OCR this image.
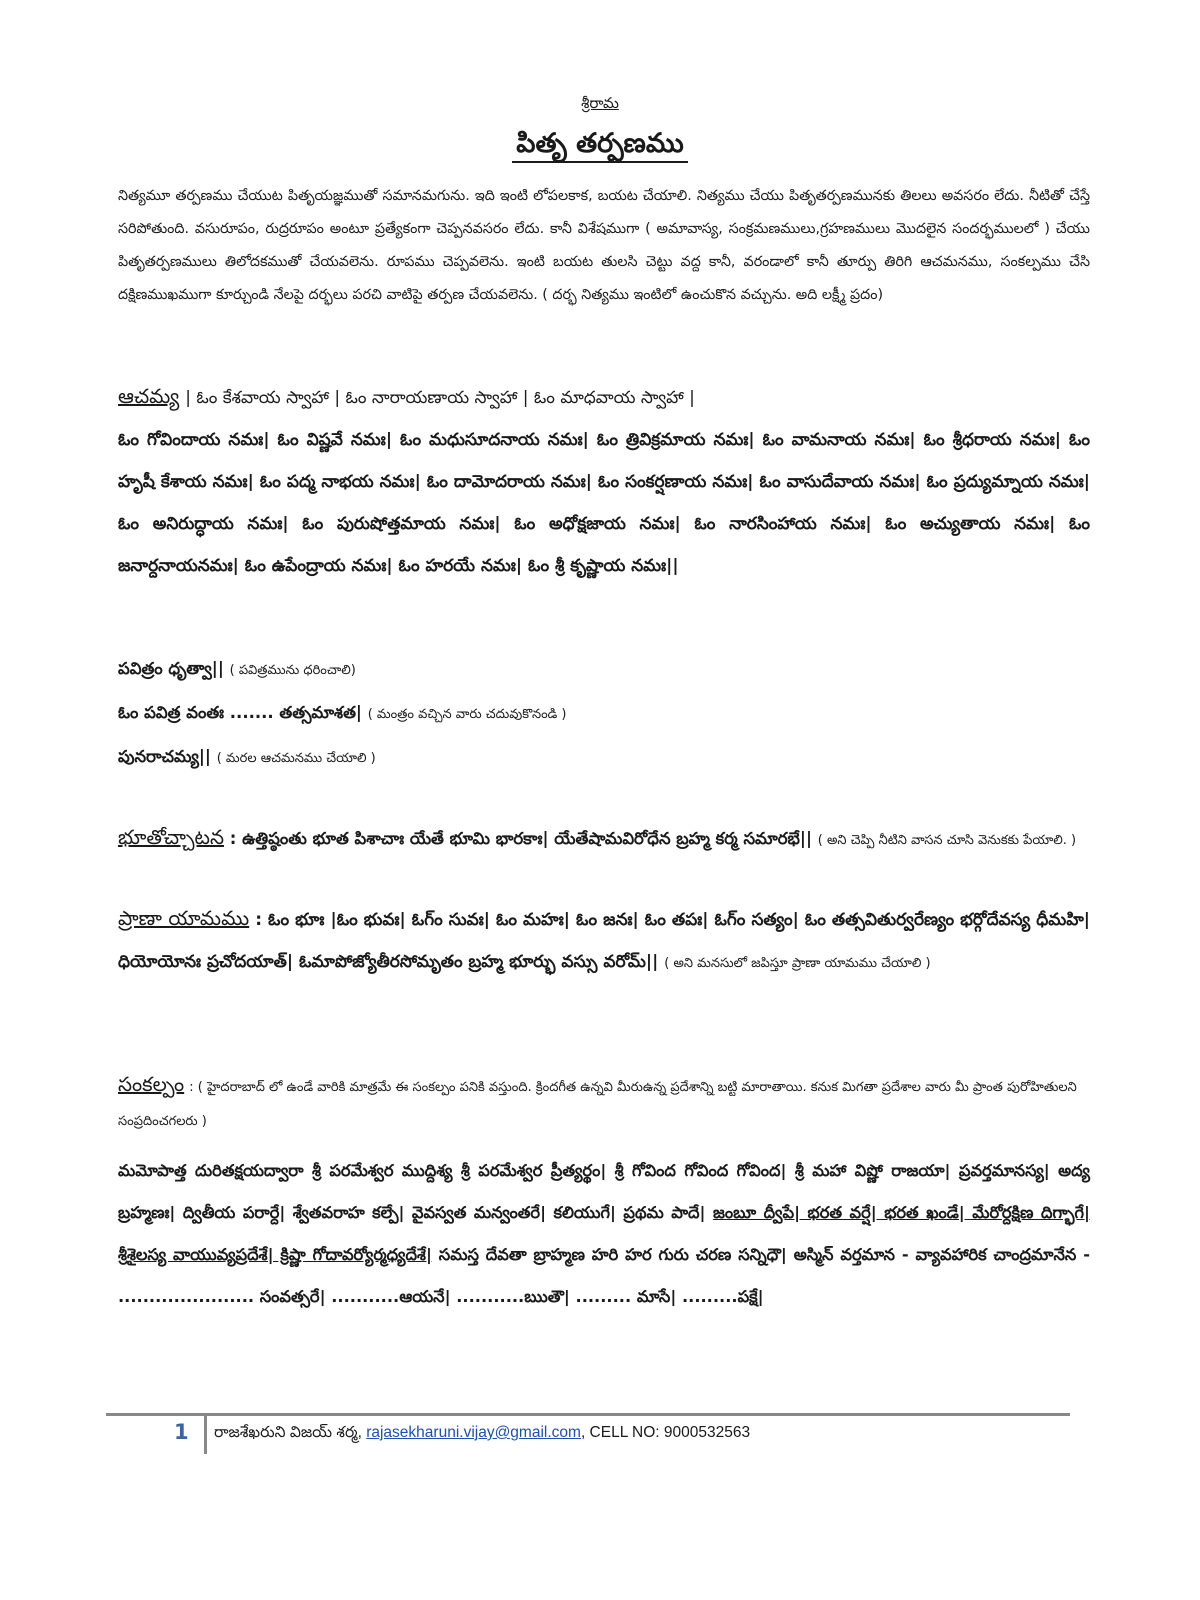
శ్రీరామ
పితృ తర్పణము
నిత్యమూ తర్పణము చేయుట పితృయజ్ఞముతో సమానమగును. ఇది ఇంటి లోపలకాక, బయట చేయాలి. నిత్యము చేయు పితృతర్పణమునకు తిలలు అవసరం లేదు. నీటితో చేస్తే సరిపోతుంది. వసురూపం, రుద్రరూపం అంటూ ప్రత్యేకంగా చెప్పనవసరం లేదు. కానీ విశేషముగా ( అమావాస్య, సంక్రమణములు,గ్రహణములు మొదలైన సందర్భములలో ) చేయు పితృతర్పణములు తిలోదకముతో చేయవలెను. రూపము చెప్పవలెను. ఇంటి బయట తులసి చెట్టు వద్ద కానీ, వరండాలో కానీ తూర్పు తిరిగి ఆచమనము, సంకల్పము చేసి దక్షిణముఖముగా కూర్చుండి నేలపై దర్భలు పరచి వాటిపై తర్పణ చేయవలెను. ( దర్భ నిత్యము ఇంటిలో ఉంచుకొన వచ్చును. అది లక్ష్మీ ప్రదం)
ఆచమ్య | ఓం కేశవాయ స్వాహా | ఓం నారాయణాయ స్వాహా | ఓం మాధవాయ స్వాహా |
ఓం గోవిందాయ నమః| ఓం విష్ణవే నమః| ఓం మధుసూదనాయ నమః| ఓం త్రివిక్రమాయ నమః| ఓం వామనాయ నమః| ఓం శ్రీధరాయ నమః| ఓం హృషీ కేశాయ నమః| ఓం పద్మ నాభయ నమః| ఓం దామోదరాయ నమః| ఓం సంకర్షణాయ నమః| ఓం వాసుదేవాయ నమః| ఓం ప్రద్యుమ్నాయ నమః| ఓం అనిరుద్ధాయ నమః| ఓం పురుషోత్తమాయ నమః| ఓం అధోక్షజాయ నమః| ఓం నారసింహాయ నమః| ఓం అచ్యుతాయ నమః| ఓం జనార్దనాయనమః| ఓం ఉపేంద్రాయ నమః| ఓం హరయే నమః| ఓం శ్రీ కృష్ణాయ నమః||
పవిత్రం ధృత్వా|| ( పవిత్రమును ధరించాలి)
ఓం పవిత్ర వంతః ....... తత్సమాశత| ( మంత్రం వచ్చిన వారు చదువుకొనండి )
పునరాచమ్య|| ( మరల ఆచమనము చేయాలి )
భూతోచ్చాటన : ఉత్తిష్ఠంతు భూత పిశాచాః యేతే భూమి భారకాః| యేతేషామవిరోధేన బ్రహ్మ కర్మ సమారభే|| ( అని చెప్పి నీటిని వాసన చూసి వెనుకకు పేయాలి. )
ప్రాణా యామము : ఓం భూః |ఓం భువః| ఓగ్ం సువః| ఓం మహః| ఓం జనః| ఓం తపః| ఓగ్ం సత్యం| ఓం తత్సవితుర్వరేణ్యం భర్గోదేవస్య ధీమహి| ధియోయోనః ప్రచోదయాత్| ఓమాపోజ్యోతీరసోమృతం బ్రహ్మ భూర్భు వస్సు వరోమ్|| ( అని మనసులో జపిస్తూ ప్రాణా యామము చేయాలి )
సంకల్పం : ( హైదరాబాద్ లో ఉండే వారికి మాత్రమే ఈ సంకల్పం పనికి వస్తుంది. క్రిందగీత ఉన్నవి మీరుఉన్న ప్రదేశాన్ని బట్టి మారాతాయి. కనుక మిగతా ప్రదేశాల వారు మీ ప్రాంత పురోహితులని సంప్రదించగలరు )
మమోపాత్త దురితక్షయద్వారా శ్రీ పరమేశ్వర ముద్దిశ్య శ్రీ పరమేశ్వర ప్రీత్యర్థం| శ్రీ గోవింద గోవింద గోవింద| శ్రీ మహా విష్ణో రాజయా| ప్రవర్తమానస్య| అద్య బ్రహ్మణః| ద్వితీయ పరార్దే| శ్వేతవరాహ కల్పే| వైవస్వత మన్వంతరే| కలియుగే| ప్రథమ పాదే| జంబూ ద్వీపే| భరత వర్షే| భరత ఖండే| మేరోర్దక్షిణ దిగ్భాగే| శ్రీశైలస్య వాయువ్యప్రదేశే| క్రిష్ణా గోదావర్యోర్మధ్యదేశే| సమస్త దేవతా బ్రాహ్మణ హరి హర గురు చరణ సన్నిధౌ| అస్మిన్ వర్తమాన - వ్యావహారిక చాంద్రమానేన - ...................... సంవత్సరే| ...........ఆయనే| ...........ఋతౌ| ......... మాసే| .........పక్షే|
1 రాజశేఖరుని విజయ్ శర్మ, rajasekharuni.vijay@gmail.com, CELL NO: 9000532563
